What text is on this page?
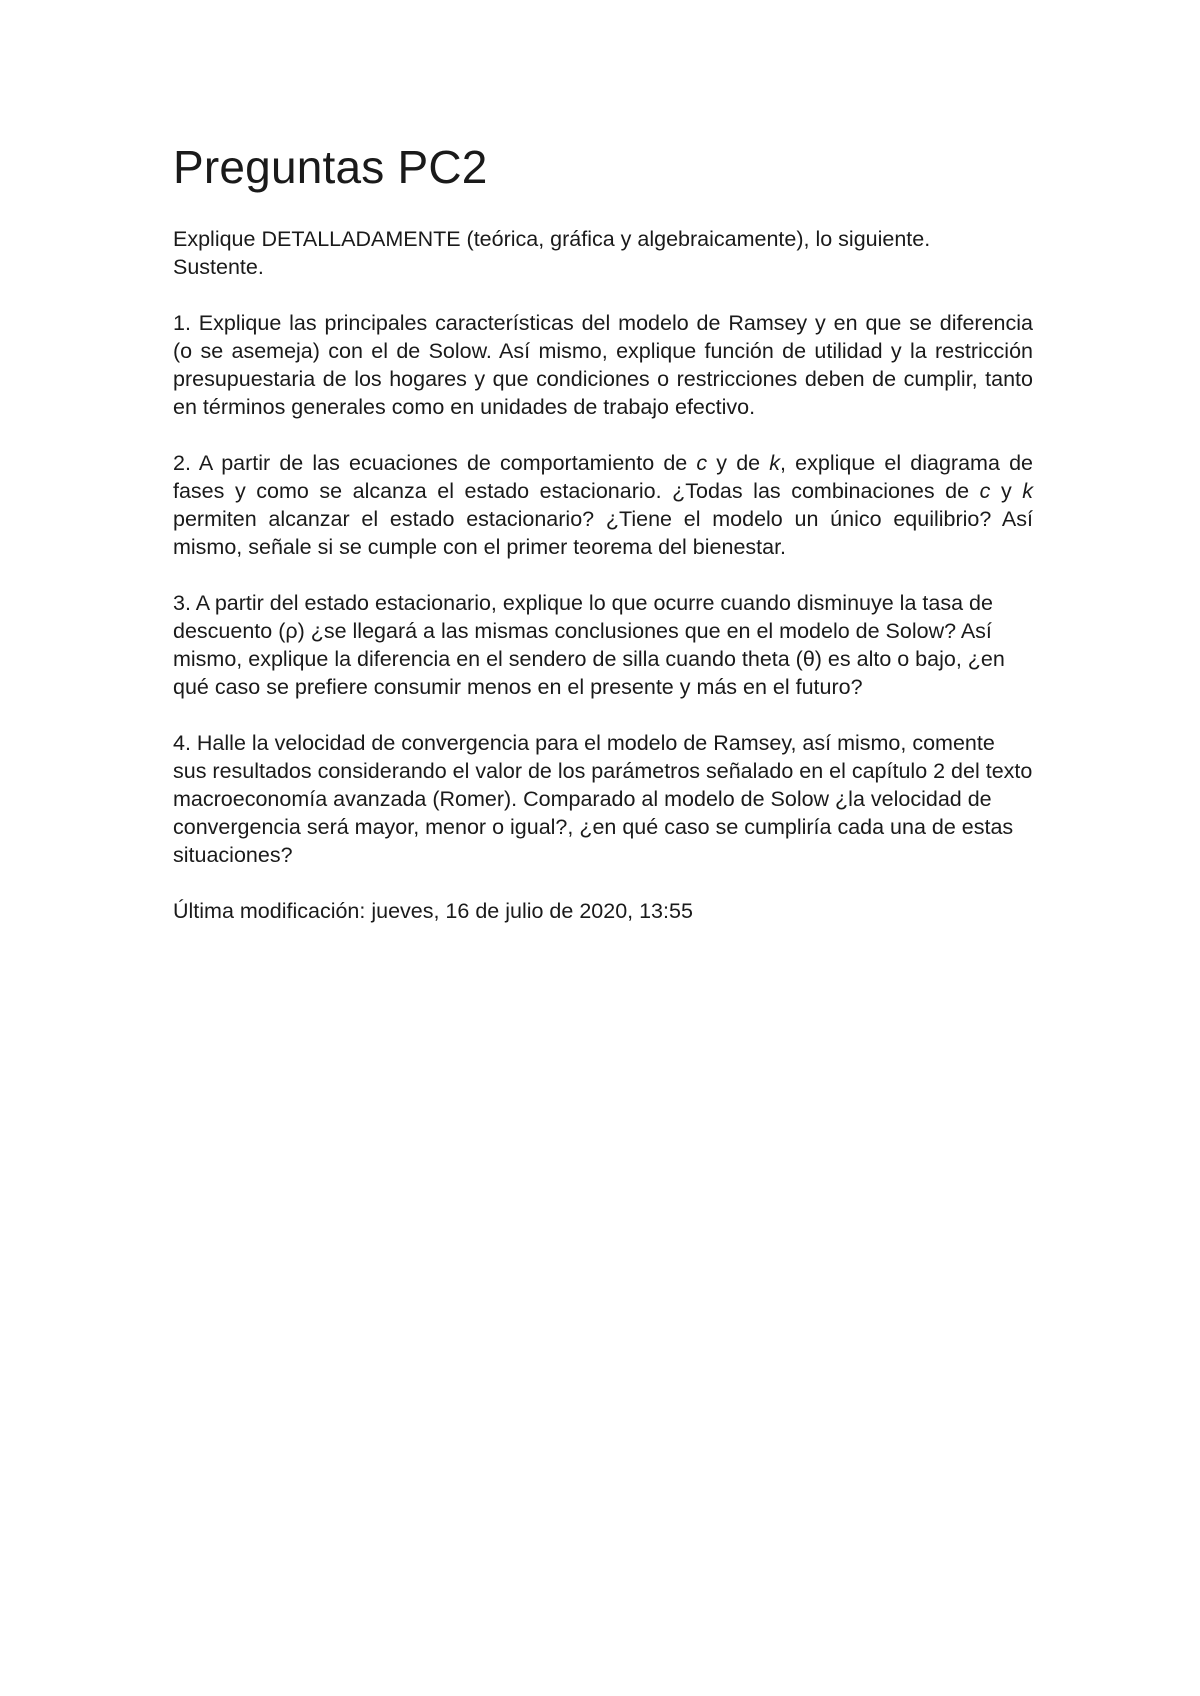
Preguntas PC2
Explique DETALLADAMENTE (teórica, gráfica y algebraicamente), lo siguiente.
Sustente.

1. Explique las principales características del modelo de Ramsey y en que se diferencia (o se asemeja) con el de Solow. Así mismo, explique función de utilidad y la restricción presupuestaria de los hogares y que condiciones o restricciones deben de cumplir, tanto en términos generales como en unidades de trabajo efectivo.

2. A partir de las ecuaciones de comportamiento de c y de k, explique el diagrama de fases y como se alcanza el estado estacionario. ¿Todas las combinaciones de c y k permiten alcanzar el estado estacionario? ¿Tiene el modelo un único equilibrio? Así mismo, señale si se cumple con el primer teorema del bienestar.

3. A partir del estado estacionario, explique lo que ocurre cuando disminuye la tasa de descuento (ρ) ¿se llegará a las mismas conclusiones que en el modelo de Solow? Así mismo, explique la diferencia en el sendero de silla cuando theta (θ) es alto o bajo, ¿en qué caso se prefiere consumir menos en el presente y más en el futuro?

4. Halle la velocidad de convergencia para el modelo de Ramsey, así mismo, comente sus resultados considerando el valor de los parámetros señalado en el capítulo 2 del texto macroeconomía avanzada (Romer). Comparado al modelo de Solow ¿la velocidad de convergencia será mayor, menor o igual?, ¿en qué caso se cumpliría cada una de estas situaciones?

Última modificación: jueves, 16 de julio de 2020, 13:55
